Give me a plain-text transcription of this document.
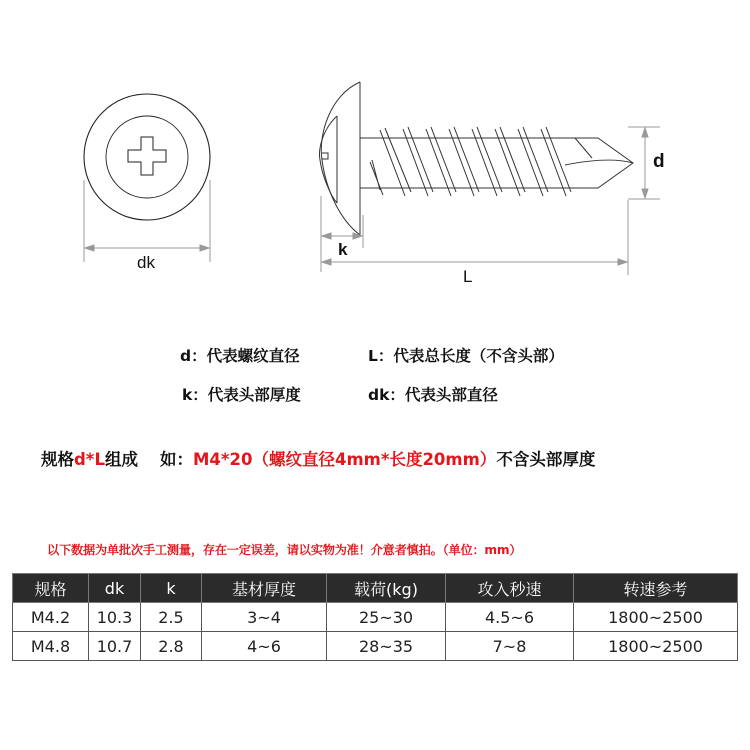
dk
k
L
d
d：代表螺纹直径	L：代表总长度（不含头部）
k：代表头部厚度	dk：代表头部直径
规格d*L组成 如：M4*20（螺纹直径4mm*长度20mm）不含头部厚度
以下数据为单批次手工测量，存在一定误差，请以实物为准！介意者慎拍。（单位：mm）
规格	dk	k	基材厚度	载荷(kg)	攻入秒速	转速参考
M4.2	10.3	2.5	3~4	25~30	4.5~6	1800~2500
M4.8	10.7	2.8	4~6	28~35	7~8	1800~2500
